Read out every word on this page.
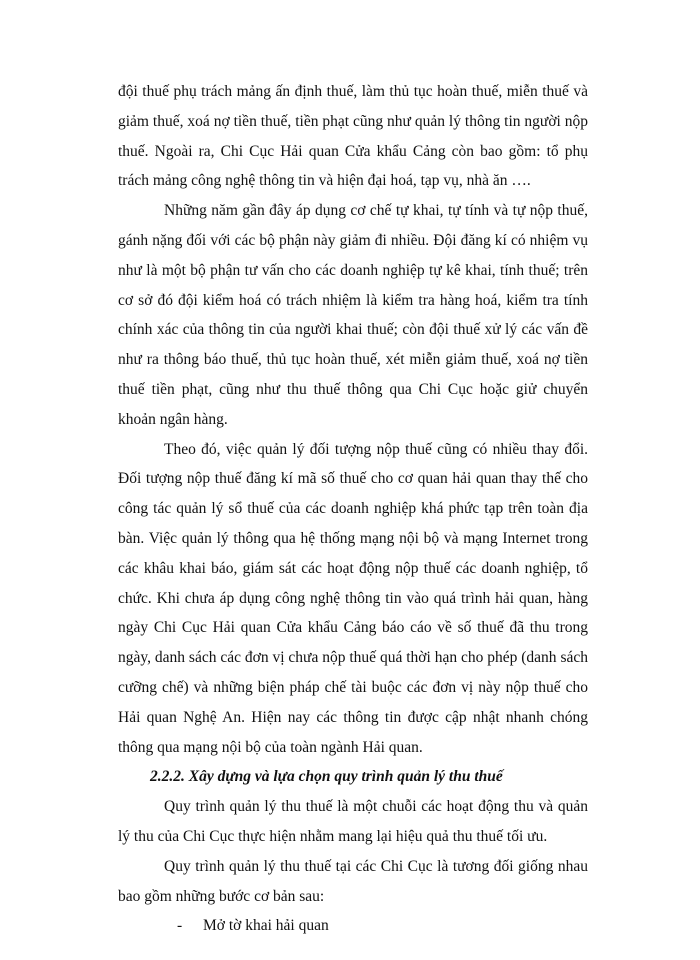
đội thuế phụ trách mảng ấn định thuế, làm thủ tục hoàn thuế, miễn thuế và giảm thuế, xoá nợ tiền thuế, tiền phạt cũng như quản lý thông tin người nộp thuế. Ngoài ra, Chi Cục Hải quan Cửa khẩu Cảng còn bao gồm: tổ phụ trách mảng công nghệ thông tin và hiện đại hoá, tạp vụ, nhà ăn ….

Những năm gần đây áp dụng cơ chế tự khai, tự tính và tự nộp thuế, gánh nặng đối với các bộ phận này giảm đi nhiều. Đội đăng kí có nhiệm vụ như là một bộ phận tư vấn cho các doanh nghiệp tự kê khai, tính thuế; trên cơ sở đó đội kiểm hoá có trách nhiệm là kiểm tra hàng hoá, kiểm tra tính chính xác của thông tin của người khai thuế; còn đội thuế xử lý các vấn đề như ra thông báo thuế, thủ tục hoàn thuế, xét miễn giảm thuế, xoá nợ tiền thuế tiền phạt, cũng như thu thuế thông qua Chi Cục hoặc giử chuyển khoản ngân hàng.

Theo đó, việc quản lý đối tượng nộp thuế cũng có nhiều thay đổi. Đối tượng nộp thuế đăng kí mã số thuế cho cơ quan hải quan thay thế cho công tác quản lý sổ thuế của các doanh nghiệp khá phức tạp trên toàn địa bàn. Việc quản lý thông qua hệ thống mạng nội bộ và mạng Internet trong các khâu khai báo, giám sát các hoạt động nộp thuế các doanh nghiệp, tổ chức. Khi chưa áp dụng công nghệ thông tin vào quá trình hải quan, hàng ngày Chi Cục Hải quan Cửa khẩu Cảng báo cáo về số thuế đã thu trong ngày, danh sách các đơn vị chưa nộp thuế quá thời hạn cho phép (danh sách cưỡng chế) và những biện pháp chế tài buộc các đơn vị này nộp thuế cho Hải quan Nghệ An. Hiện nay các thông tin được cập nhật nhanh chóng thông qua mạng nội bộ của toàn ngành Hải quan.

2.2.2. Xây dựng và lựa chọn quy trình quản lý thu thuế

Quy trình quản lý thu thuế là một chuỗi các hoạt động thu và quản lý thu của Chi Cục thực hiện nhằm mang lại hiệu quả thu thuế tối ưu.

Quy trình quản lý thu thuế tại các Chi Cục là tương đối giống nhau bao gồm những bước cơ bản sau:

- Mở tờ khai hải quan
